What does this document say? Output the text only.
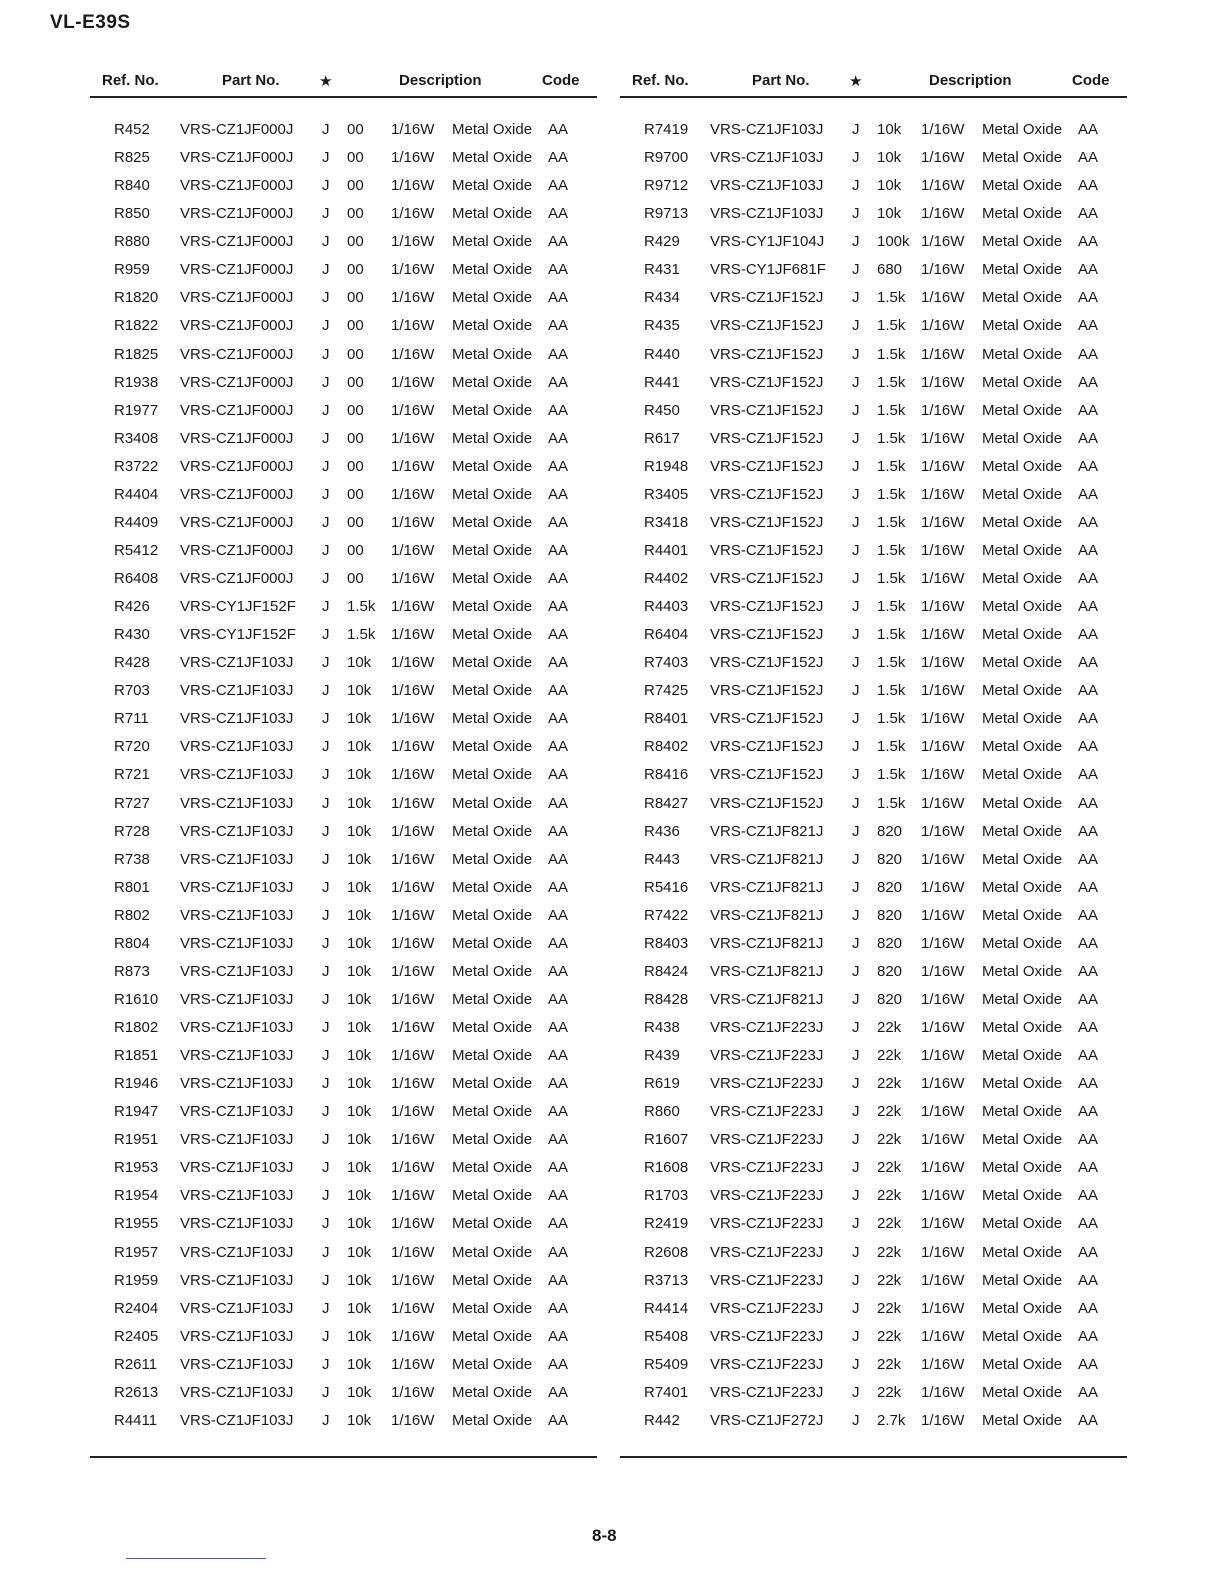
VL-E39S
Ref. No.	Part No.	★	Description	Code
R452 VRS-CZ1JF000J J 00 1/16W Metal Oxide AA
R825 VRS-CZ1JF000J J 00 1/16W Metal Oxide AA
R840 VRS-CZ1JF000J J 00 1/16W Metal Oxide AA
R850 VRS-CZ1JF000J J 00 1/16W Metal Oxide AA
R880 VRS-CZ1JF000J J 00 1/16W Metal Oxide AA
R959 VRS-CZ1JF000J J 00 1/16W Metal Oxide AA
R1820 VRS-CZ1JF000J J 00 1/16W Metal Oxide AA
R1822 VRS-CZ1JF000J J 00 1/16W Metal Oxide AA
R1825 VRS-CZ1JF000J J 00 1/16W Metal Oxide AA
R1938 VRS-CZ1JF000J J 00 1/16W Metal Oxide AA
R1977 VRS-CZ1JF000J J 00 1/16W Metal Oxide AA
R3408 VRS-CZ1JF000J J 00 1/16W Metal Oxide AA
R3722 VRS-CZ1JF000J J 00 1/16W Metal Oxide AA
R4404 VRS-CZ1JF000J J 00 1/16W Metal Oxide AA
R4409 VRS-CZ1JF000J J 00 1/16W Metal Oxide AA
R5412 VRS-CZ1JF000J J 00 1/16W Metal Oxide AA
R6408 VRS-CZ1JF000J J 00 1/16W Metal Oxide AA
R426 VRS-CY1JF152F J 1.5k 1/16W Metal Oxide AA
R430 VRS-CY1JF152F J 1.5k 1/16W Metal Oxide AA
R428 VRS-CZ1JF103J J 10k 1/16W Metal Oxide AA
R703 VRS-CZ1JF103J J 10k 1/16W Metal Oxide AA
R711 VRS-CZ1JF103J J 10k 1/16W Metal Oxide AA
R720 VRS-CZ1JF103J J 10k 1/16W Metal Oxide AA
R721 VRS-CZ1JF103J J 10k 1/16W Metal Oxide AA
R727 VRS-CZ1JF103J J 10k 1/16W Metal Oxide AA
R728 VRS-CZ1JF103J J 10k 1/16W Metal Oxide AA
R738 VRS-CZ1JF103J J 10k 1/16W Metal Oxide AA
R801 VRS-CZ1JF103J J 10k 1/16W Metal Oxide AA
R802 VRS-CZ1JF103J J 10k 1/16W Metal Oxide AA
R804 VRS-CZ1JF103J J 10k 1/16W Metal Oxide AA
R873 VRS-CZ1JF103J J 10k 1/16W Metal Oxide AA
R1610 VRS-CZ1JF103J J 10k 1/16W Metal Oxide AA
R1802 VRS-CZ1JF103J J 10k 1/16W Metal Oxide AA
R1851 VRS-CZ1JF103J J 10k 1/16W Metal Oxide AA
R1946 VRS-CZ1JF103J J 10k 1/16W Metal Oxide AA
R1947 VRS-CZ1JF103J J 10k 1/16W Metal Oxide AA
R1951 VRS-CZ1JF103J J 10k 1/16W Metal Oxide AA
R1953 VRS-CZ1JF103J J 10k 1/16W Metal Oxide AA
R1954 VRS-CZ1JF103J J 10k 1/16W Metal Oxide AA
R1955 VRS-CZ1JF103J J 10k 1/16W Metal Oxide AA
R1957 VRS-CZ1JF103J J 10k 1/16W Metal Oxide AA
R1959 VRS-CZ1JF103J J 10k 1/16W Metal Oxide AA
R2404 VRS-CZ1JF103J J 10k 1/16W Metal Oxide AA
R2405 VRS-CZ1JF103J J 10k 1/16W Metal Oxide AA
R2611 VRS-CZ1JF103J J 10k 1/16W Metal Oxide AA
R2613 VRS-CZ1JF103J J 10k 1/16W Metal Oxide AA
R4411 VRS-CZ1JF103J J 10k 1/16W Metal Oxide AA
Ref. No.	Part No.	★	Description	Code
R7419 VRS-CZ1JF103J J 10k 1/16W Metal Oxide AA
R9700 VRS-CZ1JF103J J 10k 1/16W Metal Oxide AA
R9712 VRS-CZ1JF103J J 10k 1/16W Metal Oxide AA
R9713 VRS-CZ1JF103J J 10k 1/16W Metal Oxide AA
R429 VRS-CY1JF104J J 100k 1/16W Metal Oxide AA
R431 VRS-CY1JF681F J 680 1/16W Metal Oxide AA
R434 VRS-CZ1JF152J J 1.5k 1/16W Metal Oxide AA
R435 VRS-CZ1JF152J J 1.5k 1/16W Metal Oxide AA
R440 VRS-CZ1JF152J J 1.5k 1/16W Metal Oxide AA
R441 VRS-CZ1JF152J J 1.5k 1/16W Metal Oxide AA
R450 VRS-CZ1JF152J J 1.5k 1/16W Metal Oxide AA
R617 VRS-CZ1JF152J J 1.5k 1/16W Metal Oxide AA
R1948 VRS-CZ1JF152J J 1.5k 1/16W Metal Oxide AA
R3405 VRS-CZ1JF152J J 1.5k 1/16W Metal Oxide AA
R3418 VRS-CZ1JF152J J 1.5k 1/16W Metal Oxide AA
R4401 VRS-CZ1JF152J J 1.5k 1/16W Metal Oxide AA
R4402 VRS-CZ1JF152J J 1.5k 1/16W Metal Oxide AA
R4403 VRS-CZ1JF152J J 1.5k 1/16W Metal Oxide AA
R6404 VRS-CZ1JF152J J 1.5k 1/16W Metal Oxide AA
R7403 VRS-CZ1JF152J J 1.5k 1/16W Metal Oxide AA
R7425 VRS-CZ1JF152J J 1.5k 1/16W Metal Oxide AA
R8401 VRS-CZ1JF152J J 1.5k 1/16W Metal Oxide AA
R8402 VRS-CZ1JF152J J 1.5k 1/16W Metal Oxide AA
R8416 VRS-CZ1JF152J J 1.5k 1/16W Metal Oxide AA
R8427 VRS-CZ1JF152J J 1.5k 1/16W Metal Oxide AA
R436 VRS-CZ1JF821J J 820 1/16W Metal Oxide AA
R443 VRS-CZ1JF821J J 820 1/16W Metal Oxide AA
R5416 VRS-CZ1JF821J J 820 1/16W Metal Oxide AA
R7422 VRS-CZ1JF821J J 820 1/16W Metal Oxide AA
R8403 VRS-CZ1JF821J J 820 1/16W Metal Oxide AA
R8424 VRS-CZ1JF821J J 820 1/16W Metal Oxide AA
R8428 VRS-CZ1JF821J J 820 1/16W Metal Oxide AA
R438 VRS-CZ1JF223J J 22k 1/16W Metal Oxide AA
R439 VRS-CZ1JF223J J 22k 1/16W Metal Oxide AA
R619 VRS-CZ1JF223J J 22k 1/16W Metal Oxide AA
R860 VRS-CZ1JF223J J 22k 1/16W Metal Oxide AA
R1607 VRS-CZ1JF223J J 22k 1/16W Metal Oxide AA
R1608 VRS-CZ1JF223J J 22k 1/16W Metal Oxide AA
R1703 VRS-CZ1JF223J J 22k 1/16W Metal Oxide AA
R2419 VRS-CZ1JF223J J 22k 1/16W Metal Oxide AA
R2608 VRS-CZ1JF223J J 22k 1/16W Metal Oxide AA
R3713 VRS-CZ1JF223J J 22k 1/16W Metal Oxide AA
R4414 VRS-CZ1JF223J J 22k 1/16W Metal Oxide AA
R5408 VRS-CZ1JF223J J 22k 1/16W Metal Oxide AA
R5409 VRS-CZ1JF223J J 22k 1/16W Metal Oxide AA
R7401 VRS-CZ1JF223J J 22k 1/16W Metal Oxide AA
R442 VRS-CZ1JF272J J 2.7k 1/16W Metal Oxide AA
8-8
